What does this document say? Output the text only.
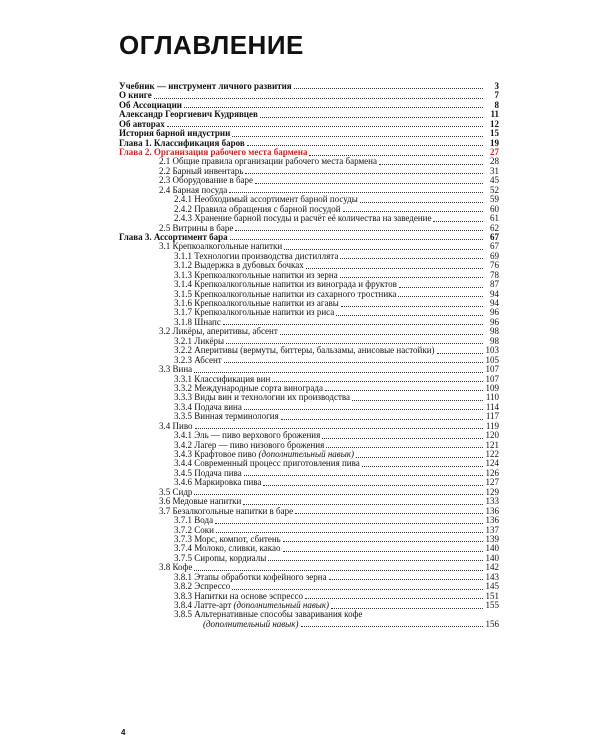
ОГЛАВЛЕНИЕ
Учебник — инструмент личного развития	3
О книге	7
Об Ассоциации	8
Александр Георгиевич Кудрявцев	11
Об авторах	12
История барной индустрии	15
Глава 1. Классификация баров	19
Глава 2. Организация рабочего места бармена	27
2.1 Общие правила организации рабочего места бармена	28
2.2 Барный инвентарь	31
2.3 Оборудование в баре	45
2.4 Барная посуда	52
2.4.1 Необходимый ассортимент барной посуды	59
2.4.2 Правила обращения с барной посудой	60
2.4.3 Хранение барной посуды и расчёт её количества на заведение	61
2.5 Витрины в баре	62
Глава 3. Ассортимент бара	67
3.1 Крепкоалкогольные напитки	67
3.1.1 Технологии производства дистиллята	69
3.1.2 Выдержка в дубовых бочках	76
3.1.3 Крепкоалкогольные напитки из зерна	78
3.1.4 Крепкоалкогольные напитки из винограда и фруктов	87
3.1.5 Крепкоалкогольные напитки из сахарного тростника	94
3.1.6 Крепкоалкогольные напитки из агавы	94
3.1.7 Крепкоалкогольные напитки из риса	96
3.1.8 Шнапс	96
3.2 Ликёры, аперитивы, абсент	98
3.2.1 Ликёры	98
3.2.2 Аперитивы (вермуты, биттеры, бальзамы, анисовые настойки)	103
3.2.3 Абсент	105
3.3 Вина	107
3.3.1 Классификация вин	107
3.3.2 Международные сорта винограда	109
3.3.3 Виды вин и технологии их производства	110
3.3.4 Подача вина	114
3.3.5 Винная терминология	117
3.4 Пиво	119
3.4.1 Эль — пиво верхового брожения	120
3.4.2 Лагер — пиво низового брожения	121
3.4.3 Крафтовое пиво (дополнительный навык)	122
3.4.4 Современный процесс приготовления пива	124
3.4.5 Подача пива	126
3.4.6 Маркировка пива	127
3.5 Сидр	129
3.6 Медовые напитки	133
3.7 Безалкогольные напитки в баре	136
3.7.1 Вода	136
3.7.2 Соки	137
3.7.3 Морс, компот, сбитень	139
3.7.4 Молоко, сливки, какао	140
3.7.5 Сиропы, кордиалы	140
3.8 Кофе	142
3.8.1 Этапы обработки кофейного зерна	143
3.8.2 Эспрессо	145
3.8.3 Напитки на основе эспрессо	151
3.8.4 Латте-арт (дополнительный навык)	155
3.8.5 Альтернативные способы заваривания кофе
(дополнительный навык)	156
4
